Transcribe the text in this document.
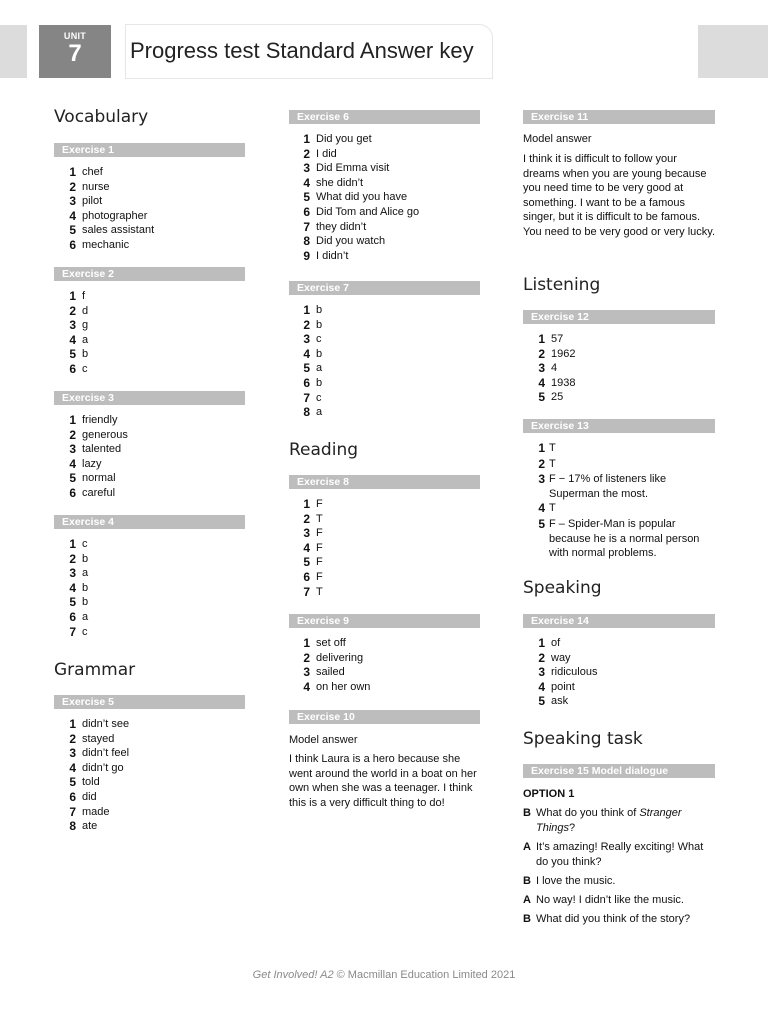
UNIT
7	Progress test Standard Answer key
Vocabulary
Exercise 1
1 chef
2 nurse
3 pilot
4 photographer
5 sales assistant
6 mechanic
Exercise 2
1 f
2 d
3 g
4 a
5 b
6 c
Exercise 3
1 friendly
2 generous
3 talented
4 lazy
5 normal
6 careful
Exercise 4
1 c
2 b
3 a
4 b
5 b
6 a
7 c
Grammar
Exercise 5
1 didn’t see
2 stayed
3 didn’t feel
4 didn’t go
5 told
6 did
7 made
8 ate
Exercise 6
1 Did you get
2 I did
3 Did Emma visit
4 she didn’t
5 What did you have
6 Did Tom and Alice go
7 they didn’t
8 Did you watch
9 I didn’t
Exercise 7
1 b
2 b
3 c
4 b
5 a
6 b
7 c
8 a
Reading
Exercise 8
1 F
2 T
3 F
4 F
5 F
6 F
7 T
Exercise 9
1 set off
2 delivering
3 sailed
4 on her own
Exercise 10
Model answer
I think Laura is a hero because she went around the world in a boat on her own when she was a teenager. I think this is a very difficult thing to do!
Exercise 11
Model answer
I think it is difficult to follow your dreams when you are young because you need time to be very good at something. I want to be a famous singer, but it is difficult to be famous. You need to be very good or very lucky.
Listening
Exercise 12
1 57
2 1962
3 4
4 1938
5 25
Exercise 13
1 T
2 T
3 F − 17% of listeners like Superman the most.
4 T
5 F – Spider-Man is popular because he is a normal person with normal problems.
Speaking
Exercise 14
1 of
2 way
3 ridiculous
4 point
5 ask
Speaking task
Exercise 15 Model dialogue
OPTION 1
B What do you think of Stranger Things?
A It’s amazing! Really exciting! What do you think?
B I love the music.
A No way! I didn’t like the music.
B What did you think of the story?
Get Involved! A2 © Macmillan Education Limited 2021
